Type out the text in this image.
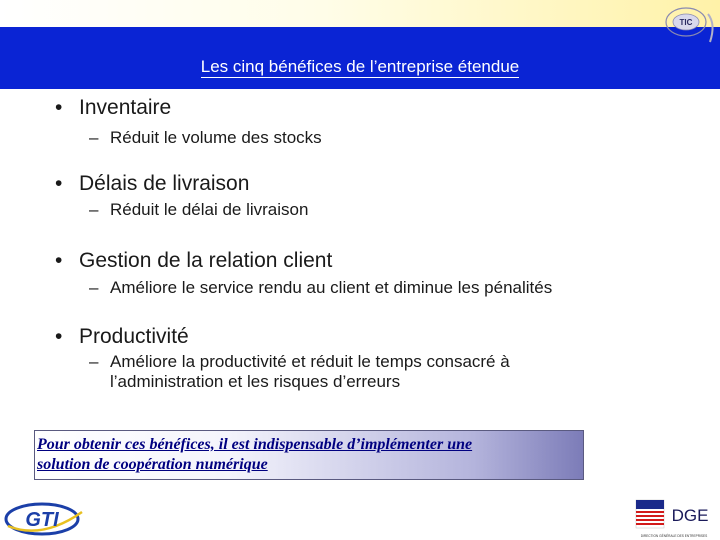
Les cinq bénéfices de l’entreprise étendue
TIC
• Inventaire
– Réduit le volume des stocks
• Délais de livraison
– Réduit le délai de livraison
• Gestion de la relation client
– Améliore le service rendu au client et diminue les pénalités
• Productivité
– Améliore la productivité et réduit le temps consacré à
l’administration et les risques d’erreurs
Pour obtenir ces bénéfices, il est indispensable d’implémenter une
solution de coopération numérique
GTI	DGE
DIRECTION GÉNÉRALE DES ENTREPRISES
